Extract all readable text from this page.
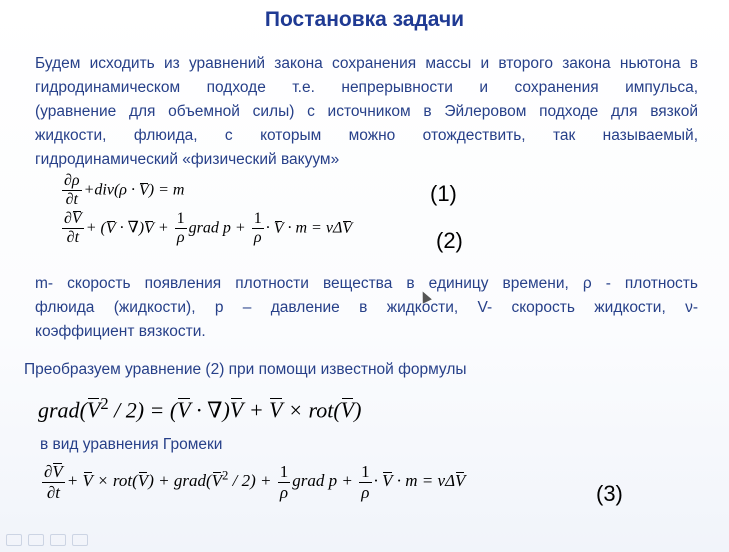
Постановка задачи
Будем исходить из уравнений закона сохранения массы и второго закона ньютона в
гидродинамическом подходе т.е. непрерывности и сохранения импульса,
(уравнение для объемной силы) с источником в Эйлеровом подходе для вязкой
жидкости, флюида, с которым можно отождествить, так называемый,
гидродинамический «физический вакуум»
$\frac{\partial\rho}{\partial t} +div(\rho \cdot V) = m$	(1)
$\frac{\partial V}{\partial t} + (V \cdot \nabla)V + \frac{1}{\rho}$ grad $p + \frac{1}{\rho} \cdot V \cdot m = \nu\Delta V$	(2)
m- скорость появления плотности вещества в единицу времени, ρ - плотность
флюида (жидкости), p – давление в жидкости, V- скорость жидкости, ν-
коэффициент вязкости.
Преобразуем уравнение (2) при помощи известной формулы
$grad(V^2 / 2) = (V \cdot \nabla)V + V \times rot(V)$
в вид уравнения Громеки
$\frac{\partial V}{\partial t} + V \times rot(V)$ + $grad(V^2 / 2) + \frac{1}{\rho}$ grad $p + \frac{1}{\rho} \cdot V \cdot m = \nu\Delta V$
(3)
